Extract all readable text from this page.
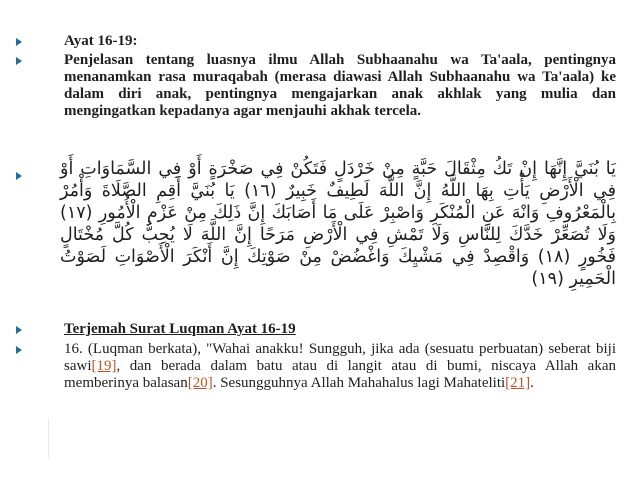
Ayat 16-19:
Penjelasan tentang luasnya ilmu Allah Subhaanahu wa Ta'aala, pentingnya menanamkan rasa muraqabah (merasa diawasi Allah Subhaanahu wa Ta'aala) ke dalam diri anak, pentingnya mengajarkan anak akhlak yang mulia dan mengingatkan kepadanya agar menjauhi akhak tercela.
يَا بُنَيَّ إِنَّهَا إِنْ تَكُ مِثْقَالَ حَبَّةٍ مِنْ خَرْدَلٍ فَتَكُنْ فِي صَخْرَةٍ أَوْ فِي السَّمَاوَاتِ أَوْ فِي الْأَرْضِ يَأْتِ بِهَا اللَّهُ إِنَّ اللَّهَ لَطِيفٌ خَبِيرٌ (١٦) يَا بُنَيَّ أَقِمِ الصَّلَاةَ وَأْمُرْ بِالْمَعْرُوفِ وَانْهَ عَنِ الْمُنْكَرِ وَاصْبِرْ عَلَى مَا أَصَابَكَ إِنَّ ذَلِكَ مِنْ عَزْمِ الْأُمُورِ (١٧) وَلَا تُصَعِّرْ خَدَّكَ لِلنَّاسِ وَلَا تَمْشِ فِي الْأَرْضِ مَرَحًا إِنَّ اللَّهَ لَا يُحِبُّ كُلَّ مُخْتَالٍ فَخُورٍ (١٨) وَاقْصِدْ فِي مَشْيِكَ وَاغْضُضْ مِنْ صَوْتِكَ إِنَّ أَنْكَرَ الْأَصْوَاتِ لَصَوْتُ الْحَمِيرِ (١٩)
Terjemah Surat Luqman Ayat 16-19
16. (Luqman berkata), "Wahai anakku! Sungguh, jika ada (sesuatu perbuatan) seberat biji sawi[19], dan berada dalam batu atau di langit atau di bumi, niscaya Allah akan memberinya balasan[20]. Sesungguhnya Allah Mahahalus lagi Mahateliti[21].
